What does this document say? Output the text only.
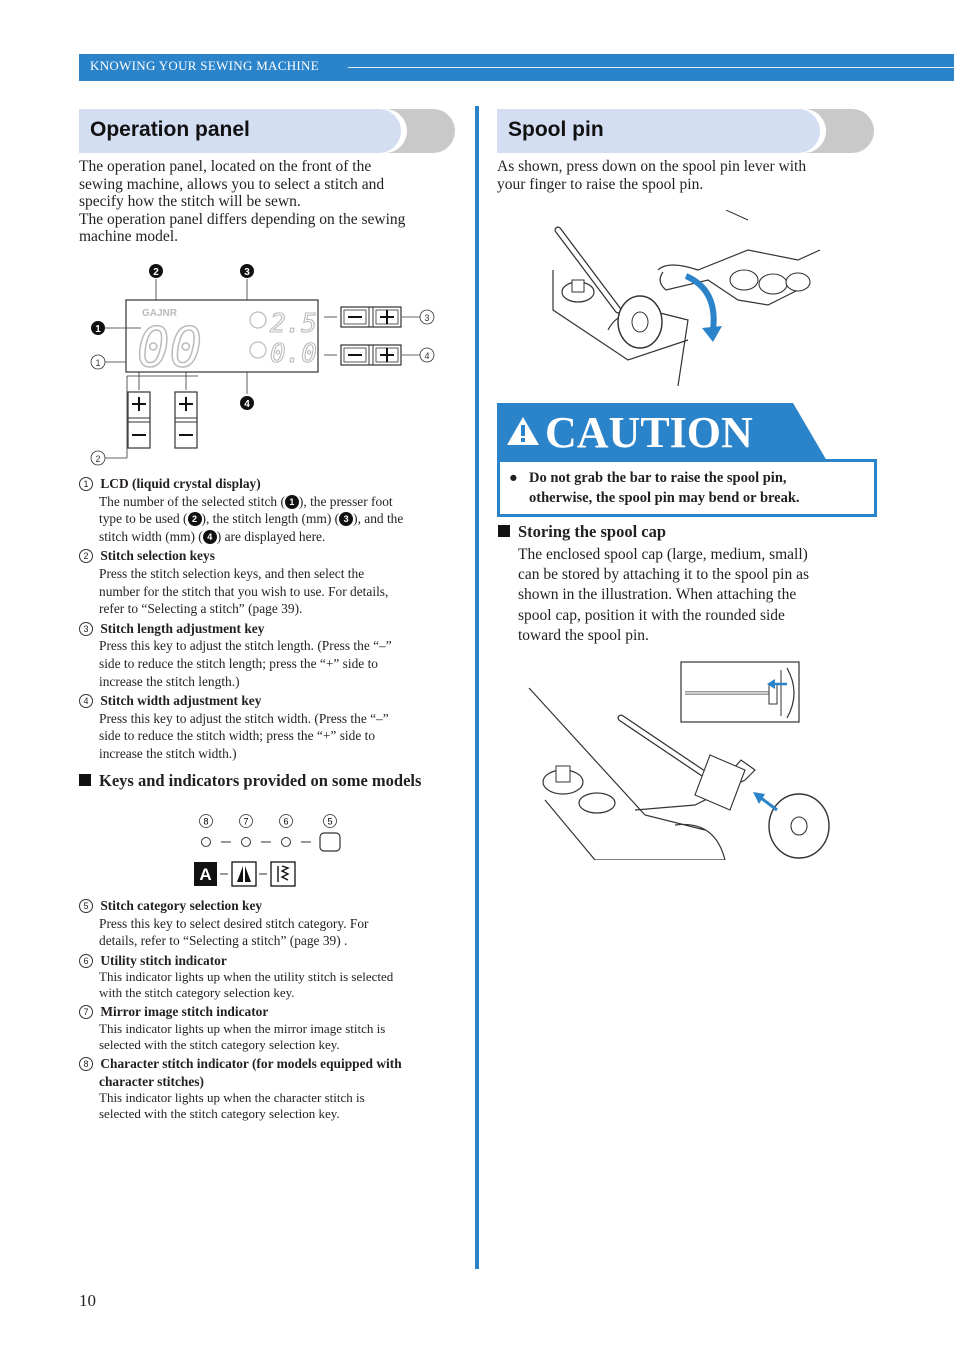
KNOWING YOUR SEWING MACHINE
Operation panel
The operation panel, located on the front of the
sewing machine, allows you to select a stitch and
specify how the stitch will be sewn.
The operation panel differs depending on the sewing
machine model.
GAJNR
00	2.5
0.0
2	3
1
4
1
2
3
4
1 LCD (liquid crystal display)
The number of the selected stitch ( 1 ), the presser foot
type to be used ( 2 ), the stitch length (mm) ( 3 ), and the
stitch width (mm) ( 4 ) are displayed here.
2 Stitch selection keys
Press the stitch selection keys, and then select the
number for the stitch that you wish to use. For details,
refer to “Selecting a stitch” (page 39).
3 Stitch length adjustment key
Press this key to adjust the stitch length. (Press the “–”
side to reduce the stitch length; press the “+” side to
increase the stitch length.)
4 Stitch width adjustment key
Press this key to adjust the stitch width. (Press the “–”
side to reduce the stitch width; press the “+” side to
increase the stitch width.)
Keys and indicators provided on some models
8	7	6	5
A
5 Stitch category selection key
Press this key to select desired stitch category. For
details, refer to “Selecting a stitch” (page 39) .
6 Utility stitch indicator
This indicator lights up when the utility stitch is selected
with the stitch category selection key.
7 Mirror image stitch indicator
This indicator lights up when the mirror image stitch is
selected with the stitch category selection key.
8 Character stitch indicator (for models equipped with
character stitches)
This indicator lights up when the character stitch is
selected with the stitch category selection key.
10
Spool pin
As shown, press down on the spool pin lever with
your finger to raise the spool pin.
CAUTION
● Do not grab the bar to raise the spool pin,
otherwise, the spool pin may bend or break.
Storing the spool cap
The enclosed spool cap (large, medium, small)
can be stored by attaching it to the spool pin as
shown in the illustration. When attaching the
spool cap, position it with the rounded side
toward the spool pin.
